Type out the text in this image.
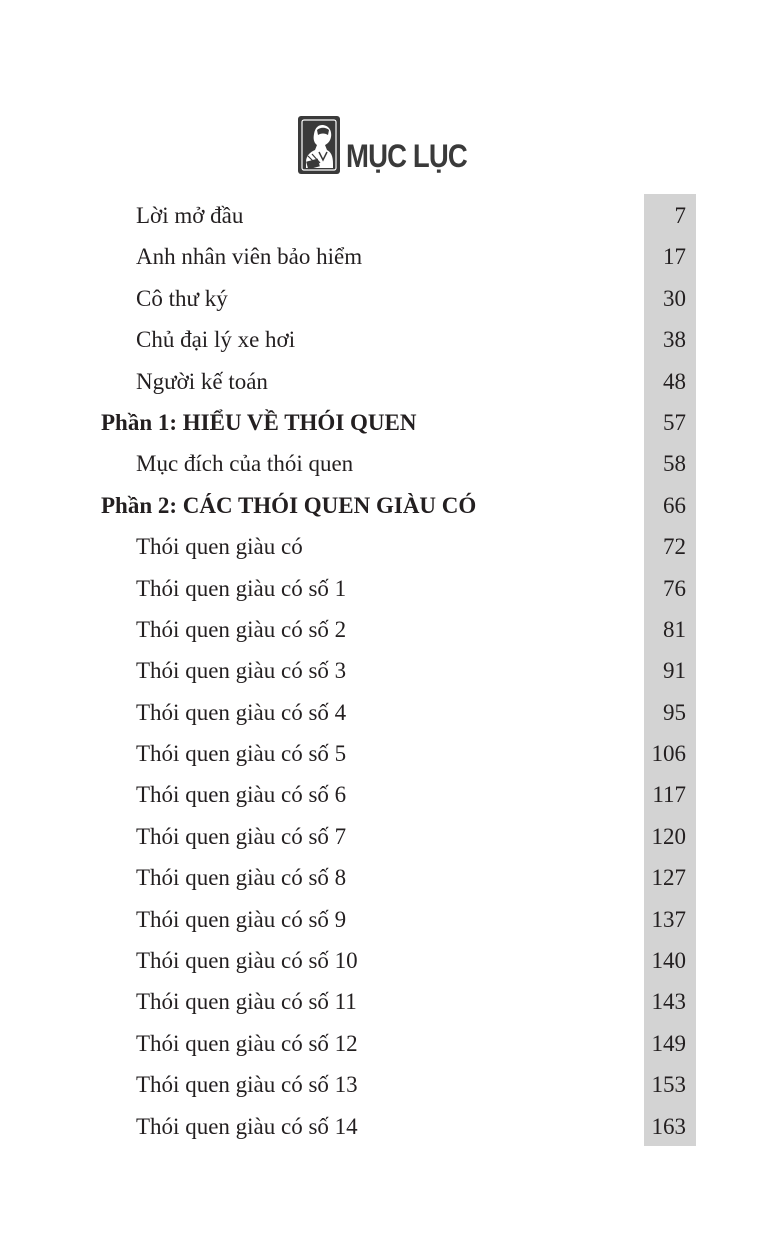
MỤC LỤC
Lời mở đầu	7
Anh nhân viên bảo hiểm	17
Cô thư ký	30
Chủ đại lý xe hơi	38
Người kế toán	48
Phần 1: HIỂU VỀ THÓI QUEN	57
Mục đích của thói quen	58
Phần 2: CÁC THÓI QUEN GIÀU CÓ	66
Thói quen giàu có	72
Thói quen giàu có số 1	76
Thói quen giàu có số 2	81
Thói quen giàu có số 3	91
Thói quen giàu có số 4	95
Thói quen giàu có số 5	106
Thói quen giàu có số 6	117
Thói quen giàu có số 7	120
Thói quen giàu có số 8	127
Thói quen giàu có số 9	137
Thói quen giàu có số 10	140
Thói quen giàu có số 11	143
Thói quen giàu có số 12	149
Thói quen giàu có số 13	153
Thói quen giàu có số 14	163
